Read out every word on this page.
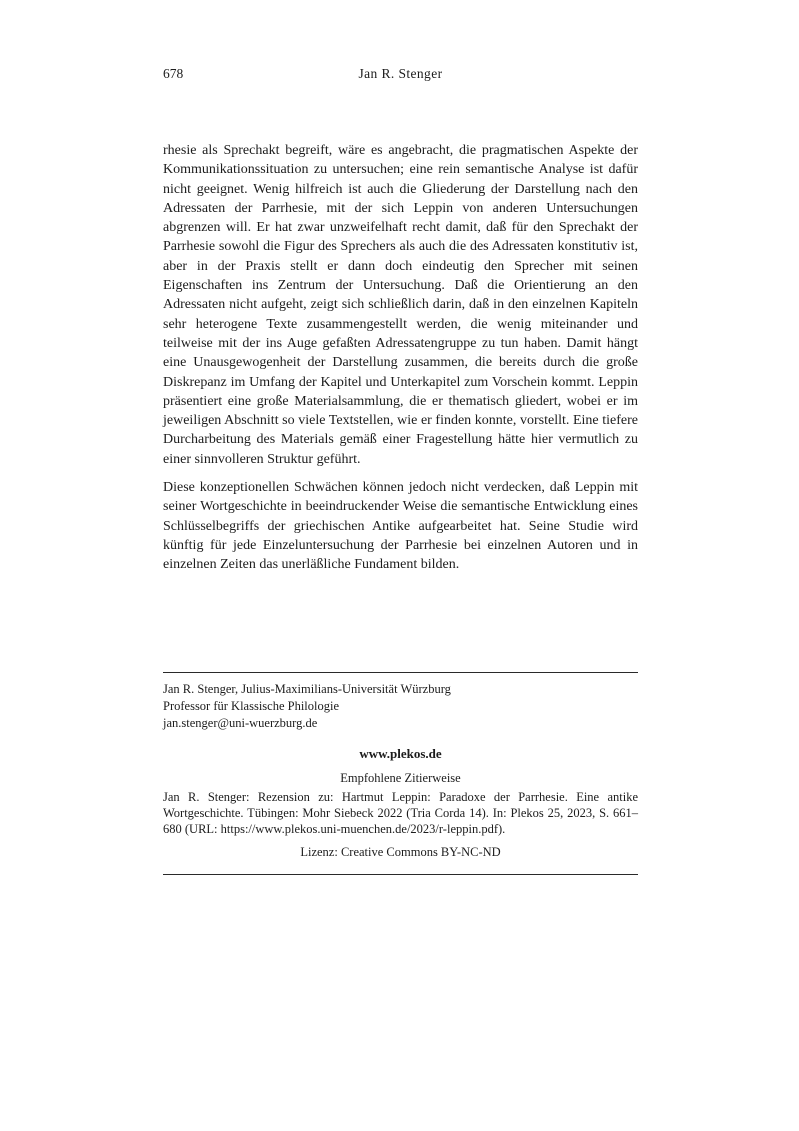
678	Jan R. Stenger

rhesie als Sprechakt begreift, wäre es angebracht, die pragmatischen Aspekte der Kommunikationssituation zu untersuchen; eine rein semantische Analyse ist dafür nicht geeignet. Wenig hilfreich ist auch die Gliederung der Darstellung nach den Adressaten der Parrhesie, mit der sich Leppin von anderen Untersuchungen abgrenzen will. Er hat zwar unzweifelhaft recht damit, daß für den Sprechakt der Parrhesie sowohl die Figur des Sprechers als auch die des Adressaten konstitutiv ist, aber in der Praxis stellt er dann doch eindeutig den Sprecher mit seinen Eigenschaften ins Zentrum der Untersuchung. Daß die Orientierung an den Adressaten nicht aufgeht, zeigt sich schließlich darin, daß in den einzelnen Kapiteln sehr heterogene Texte zusammengestellt werden, die wenig miteinander und teilweise mit der ins Auge gefaßten Adressatengruppe zu tun haben. Damit hängt eine Unausgewogenheit der Darstellung zusammen, die bereits durch die große Diskrepanz im Umfang der Kapitel und Unterkapitel zum Vorschein kommt. Leppin präsentiert eine große Materialsammlung, die er thematisch gliedert, wobei er im jeweiligen Abschnitt so viele Textstellen, wie er finden konnte, vorstellt. Eine tiefere Durcharbeitung des Materials gemäß einer Fragestellung hätte hier vermutlich zu einer sinnvolleren Struktur geführt.

Diese konzeptionellen Schwächen können jedoch nicht verdecken, daß Leppin mit seiner Wortgeschichte in beeindruckender Weise die semantische Entwicklung eines Schlüsselbegriffs der griechischen Antike aufgearbeitet hat. Seine Studie wird künftig für jede Einzeluntersuchung der Parrhesie bei einzelnen Autoren und in einzelnen Zeiten das unerläßliche Fundament bilden.

Jan R. Stenger, Julius-Maximilians-Universität Würzburg
Professor für Klassische Philologie
jan.stenger@uni-wuerzburg.de
www.plekos.de
Empfohlene Zitierweise

Jan R. Stenger: Rezension zu: Hartmut Leppin: Paradoxe der Parrhesie. Eine antike Wortgeschichte. Tübingen: Mohr Siebeck 2022 (Tria Corda 14). In: Plekos 25, 2023, S. 661–680 (URL: https://www.plekos.uni-muenchen.de/2023/r-leppin.pdf).

Lizenz: Creative Commons BY-NC-ND
